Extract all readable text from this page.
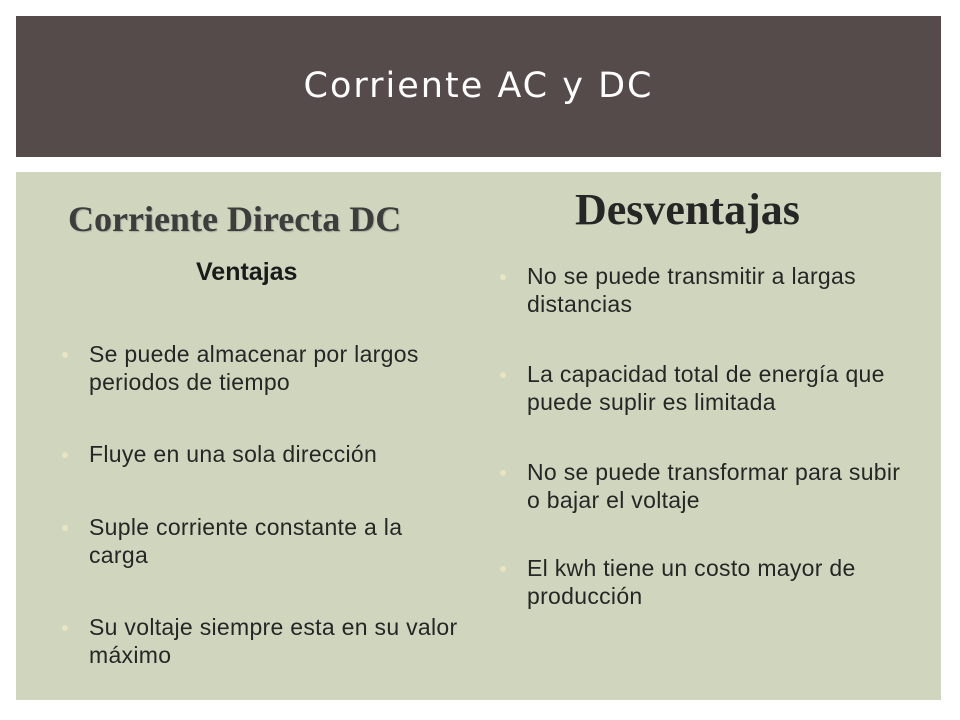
Corriente AC y DC
Corriente Directa DC	Desventajas
Ventajas
Se puede almacenar por largos periodos de tiempo
Fluye en una sola dirección
Suple corriente constante a la carga
Su voltaje siempre esta en su valor máximo
No se puede transmitir a largas distancias
La capacidad total de energía que puede suplir es limitada
No se puede transformar para subir o bajar el voltaje
El kwh tiene un costo mayor de producción
